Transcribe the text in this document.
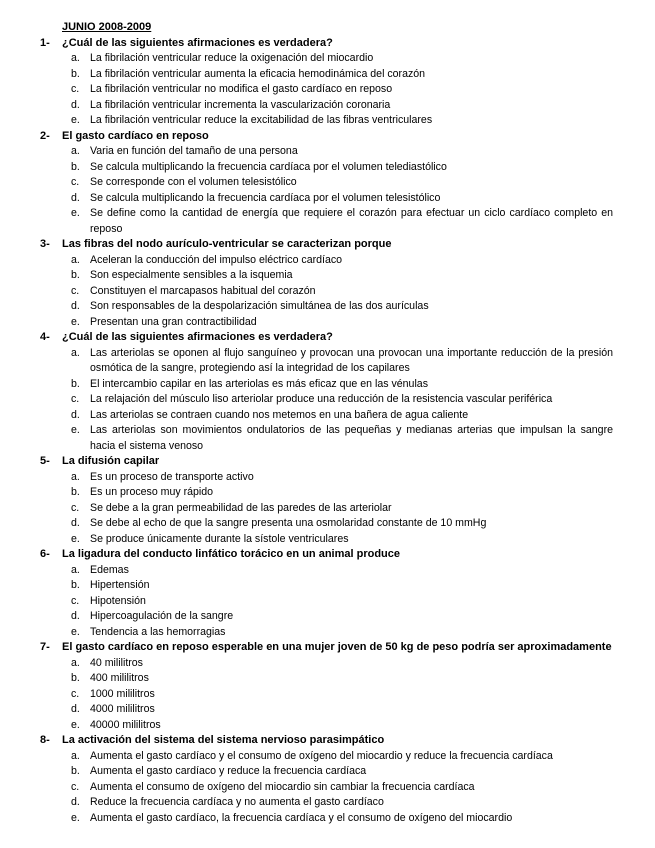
JUNIO 2008-2009
1- ¿Cuál de las siguientes afirmaciones es verdadera?
a. La fibrilación ventricular reduce la oxigenación del miocardio
b. La fibrilación ventricular aumenta la eficacia hemodinámica del corazón
c. La fibrilación ventricular no modifica el gasto cardíaco en reposo
d. La fibrilación ventricular incrementa la vascularización coronaria
e. La fibrilación ventricular reduce la excitabilidad de las fibras ventriculares
2- El gasto cardíaco en reposo
a. Varia en función del tamaño de una persona
b. Se calcula multiplicando la frecuencia cardíaca por el volumen telediastólico
c. Se corresponde con el volumen telesistólico
d. Se calcula multiplicando la frecuencia cardíaca por el volumen telesistólico
e. Se define como la cantidad de energía que requiere el corazón para efectuar un ciclo cardíaco completo en reposo
3- Las fibras del nodo aurículo-ventricular se caracterizan porque
a. Aceleran la conducción del impulso eléctrico cardíaco
b. Son especialmente sensibles a la isquemia
c. Constituyen el marcapasos habitual del corazón
d. Son responsables de la despolarización simultánea de las dos aurículas
e. Presentan una gran contractibilidad
4- ¿Cuál de las siguientes afirmaciones es verdadera?
a. Las arteriolas se oponen al flujo sanguíneo y provocan una provocan una importante reducción de la presión osmótica de la sangre, protegiendo así la integridad de los capilares
b. El intercambio capilar en las arteriolas es más eficaz que en las vénulas
c. La relajación del músculo liso arteriolar produce una reducción de la resistencia vascular periférica
d. Las arteriolas se contraen cuando nos metemos en una bañera de agua caliente
e. Las arteriolas son movimientos ondulatorios de las pequeñas y medianas arterias que impulsan la sangre hacia el sistema venoso
5- La difusión capilar
a. Es un proceso de transporte activo
b. Es un proceso muy rápido
c. Se debe a la gran permeabilidad de las paredes de las arteriolar
d. Se debe al echo de que la sangre presenta una osmolaridad constante de 10 mmHg
e. Se produce únicamente durante la sístole ventriculares
6- La ligadura del conducto linfático torácico en un animal produce
a. Edemas
b. Hipertensión
c. Hipotensión
d. Hipercoagulación de la sangre
e. Tendencia a las hemorragias
7- El gasto cardíaco en reposo esperable en una mujer joven de 50 kg de peso podría ser aproximadamente
a. 40 mililitros
b. 400 mililitros
c. 1000 mililitros
d. 4000 mililitros
e. 40000 mililitros
8- La activación del sistema del sistema nervioso parasimpático
a. Aumenta el gasto cardíaco y el consumo de oxígeno del miocardio y reduce la frecuencia cardíaca
b. Aumenta el gasto cardíaco y reduce la frecuencia cardíaca
c. Aumenta el consumo de oxígeno del miocardio sin cambiar la frecuencia cardíaca
d. Reduce la frecuencia cardíaca y no aumenta el gasto cardíaco
e. Aumenta el gasto cardíaco, la frecuencia cardíaca y el consumo de oxígeno del miocardio
